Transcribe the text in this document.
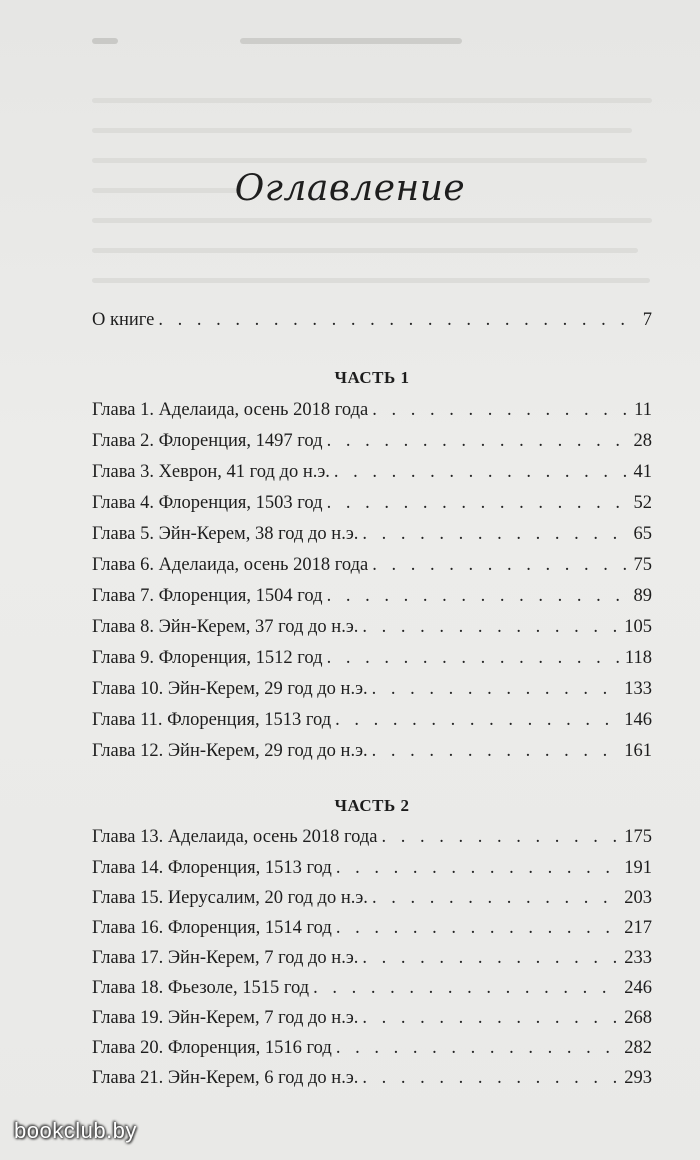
Оглавление
О книге . . .	7
ЧАСТЬ 1
Глава 1. Аделаида, осень 2018 года . . .	11
Глава 2. Флоренция, 1497 год . . .	28
Глава 3. Хеврон, 41 год до н.э. . . .	41
Глава 4. Флоренция, 1503 год . . .	52
Глава 5. Эйн-Керем, 38 год до н.э. . . .	65
Глава 6. Аделаида, осень 2018 года . . .	75
Глава 7. Флоренция, 1504 год . . .	89
Глава 8. Эйн-Керем, 37 год до н.э. . . .	105
Глава 9. Флоренция, 1512 год . . .	118
Глава 10. Эйн-Керем, 29 год до н.э. . . .	133
Глава 11. Флоренция, 1513 год . . .	146
Глава 12. Эйн-Керем, 29 год до н.э. . . .	161
ЧАСТЬ 2
Глава 13. Аделаида, осень 2018 года . . .	175
Глава 14. Флоренция, 1513 год . . .	191
Глава 15. Иерусалим, 20 год до н.э. . . .	203
Глава 16. Флоренция, 1514 год . . .	217
Глава 17. Эйн-Керем, 7 год до н.э. . . .	233
Глава 18. Фьезоле, 1515 год . . .	246
Глава 19. Эйн-Керем, 7 год до н.э. . . .	268
Глава 20. Флоренция, 1516 год . . .	282
Глава 21. Эйн-Керем, 6 год до н.э. . . .	293
bookclub.by
